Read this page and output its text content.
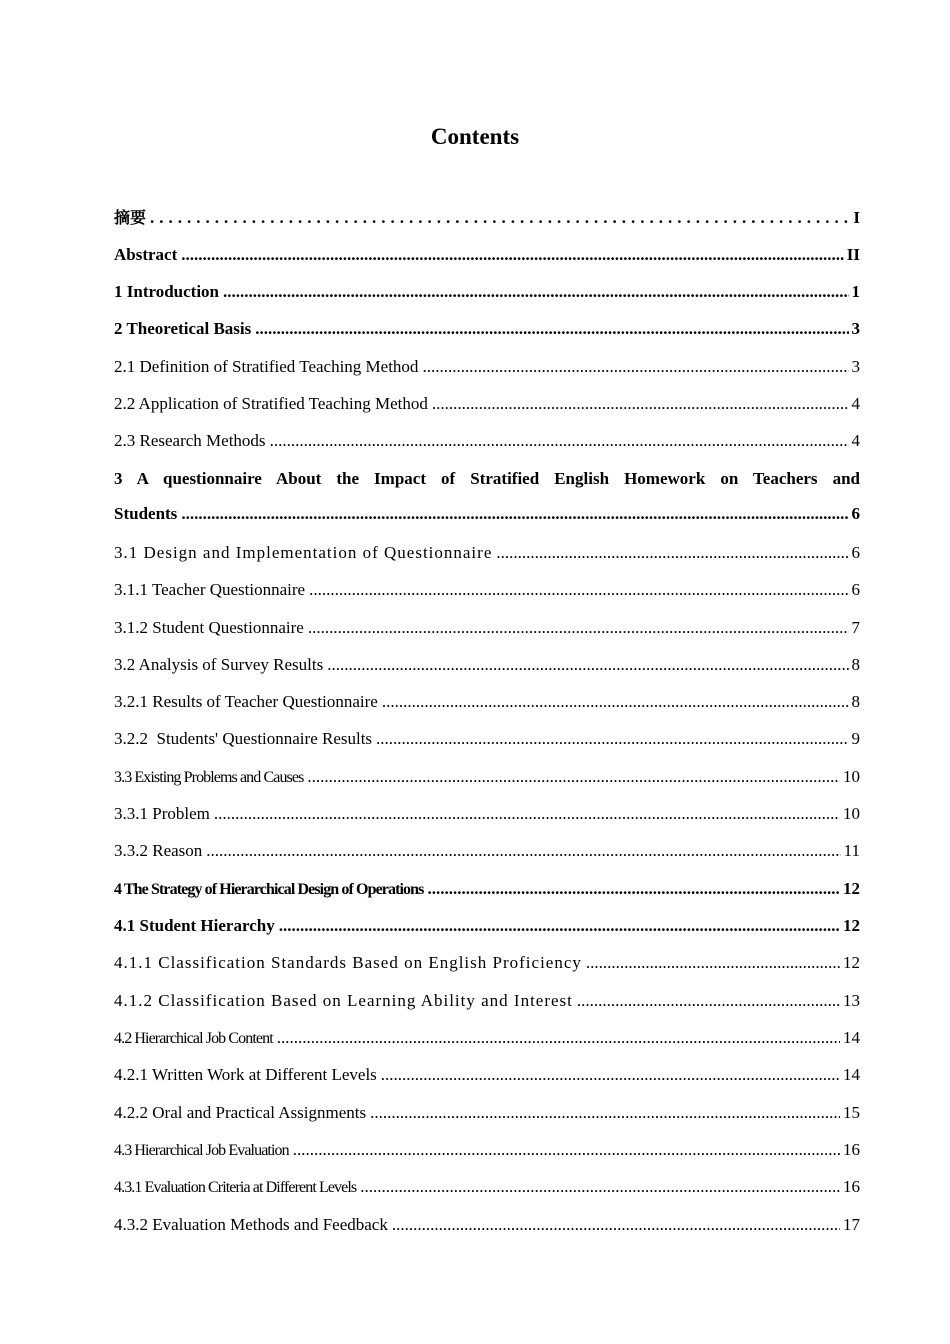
Contents
摘要 .....	I
Abstract .....	II
1 Introduction .....	1
2 Theoretical Basis .....	3
2.1 Definition of Stratified Teaching Method .....	3
2.2 Application of Stratified Teaching Method .....	4
2.3 Research Methods .....	4
3 A questionnaire About the Impact of Stratified English Homework on Teachers and
Students .....	6
3.1 Design and Implementation of Questionnaire .....	6
3.1.1 Teacher Questionnaire .....	6
3.1.2 Student Questionnaire .....	7
3.2 Analysis of Survey Results .....	8
3.2.1 Results of Teacher Questionnaire .....	8
3.2.2  Students' Questionnaire Results .....	9
3.3 Existing Problems and Causes .....	10
3.3.1 Problem .....	10
3.3.2 Reason .....	11
4 The Strategy of Hierarchical Design of Operations .....	12
4.1 Student Hierarchy .....	12
4.1.1 Classification Standards Based on English Proficiency .....	12
4.1.2 Classification Based on Learning Ability and Interest .....	13
4.2 Hierarchical Job Content .....	14
4.2.1 Written Work at Different Levels .....	14
4.2.2 Oral and Practical Assignments .....	15
4.3 Hierarchical Job Evaluation .....	16
4.3.1 Evaluation Criteria at Different Levels .....	16
4.3.2 Evaluation Methods and Feedback .....	17
